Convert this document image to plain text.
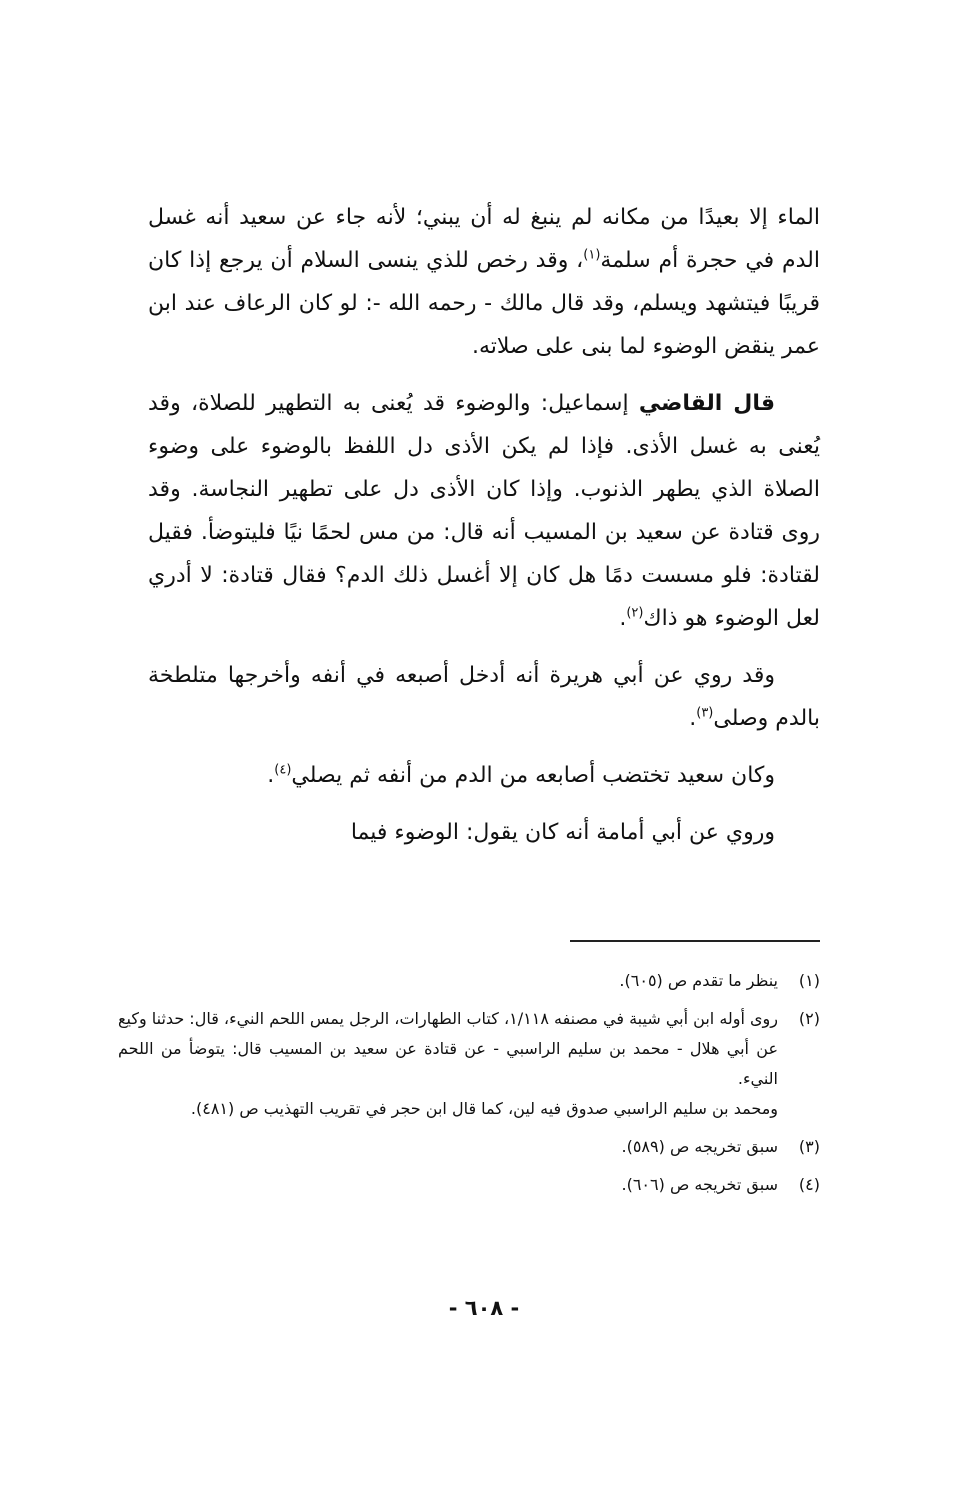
الماء إلا بعيدًا من مكانه لم ينبغ له أن يبني؛ لأنه جاء عن سعيد أنه غسل الدم في حجرة أم سلمة$^{(١)}$، وقد رخص للذي ينسى السلام أن يرجع إذا كان قريبًا فيتشهد ويسلم، وقد قال مالك - رحمه الله -: لو كان الرعاف عند ابن عمر ينقض الوضوء لما بنى على صلاته.

قال القاضي إسماعيل: والوضوء قد يُعنى به التطهير للصلاة، وقد يُعنى به غسل الأذى. فإذا لم يكن الأذى دل اللفظ بالوضوء على وضوء الصلاة الذي يطهر الذنوب. وإذا كان الأذى دل على تطهير النجاسة. وقد روى قتادة عن سعيد بن المسيب أنه قال: من مس لحمًا نيًا فليتوضأ. فقيل لقتادة: فلو مسست دمًا هل كان إلا أغسل ذلك الدم؟ فقال قتادة: لا أدري لعل الوضوء هو ذاك$^{(٢)}$.

وقد روي عن أبي هريرة أنه أدخل أصبعه في أنفه وأخرجها متلطخة بالدم وصلى$^{(٣)}$.

وكان سعيد تختضب أصابعه من الدم من أنفه ثم يصلي$^{(٤)}$.

وروي عن أبي أمامة أنه كان يقول: الوضوء فيما

(١)

ينظر ما تقدم ص (٦٠٥).

(٢)

روى أوله ابن أبي شيبة في مصنفه ١/١١٨، كتاب الطهارات، الرجل يمس اللحم النيء، قال: حدثنا وكيع عن أبي هلال - محمد بن سليم الراسبي - عن قتادة عن سعيد بن المسيب قال: يتوضأ من اللحم النيء.

ومحمد بن سليم الراسبي صدوق فيه لين، كما قال ابن حجر في تقريب التهذيب ص (٤٨١).

(٣)

سبق تخريجه ص (٥٨٩).

(٤)

سبق تخريجه ص (٦٠٦).

- ٦٠٨ -
